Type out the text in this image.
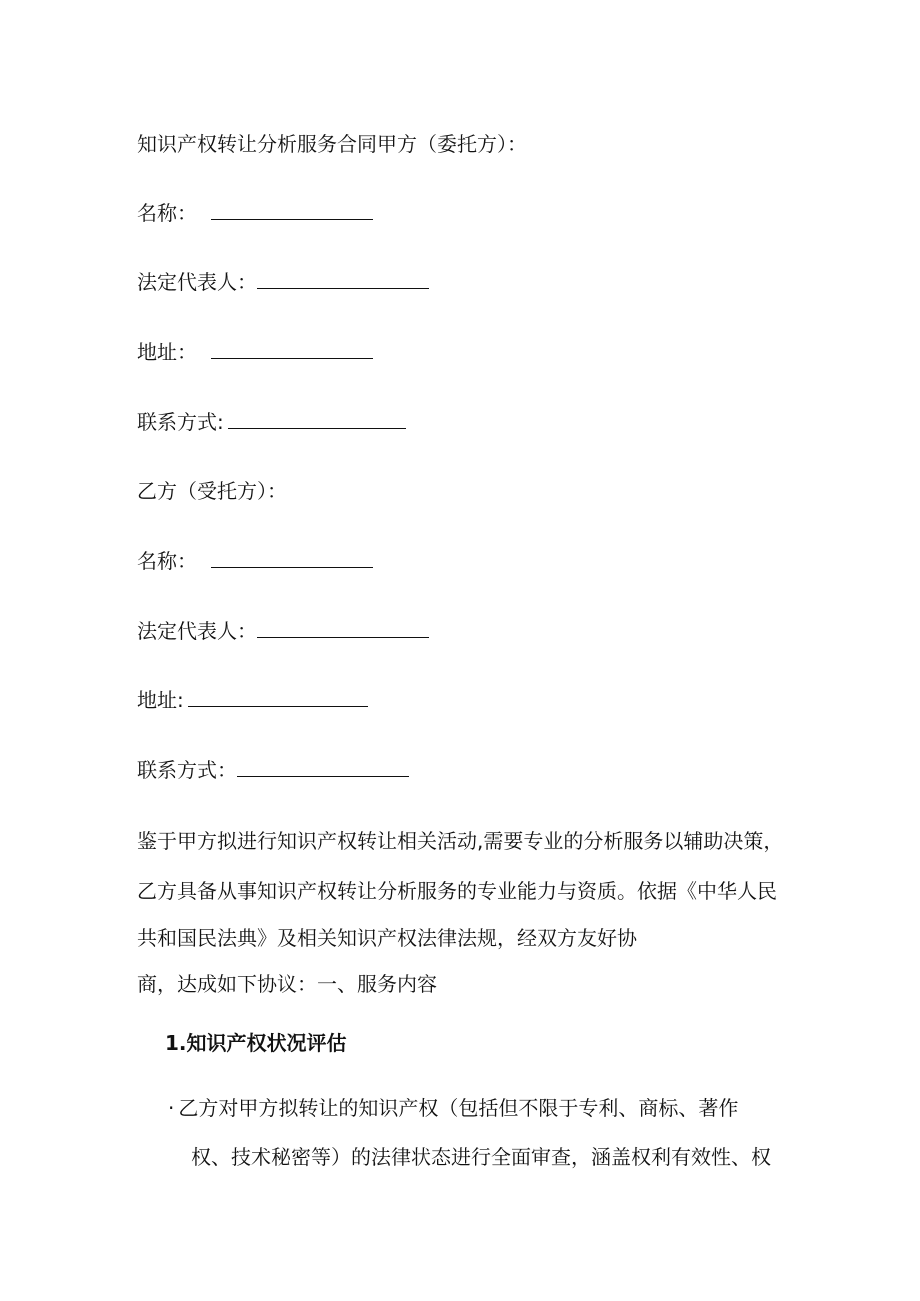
知识产权转让分析服务合同甲方（委托方）：
名称：
法定代表人：
地址：
联系方式:
乙方（受托方）：
名称：
法定代表人：
地址:
联系方式：
鉴于甲方拟进行知识产权转让相关活动,需要专业的分析服务以辅助决策，
乙方具备从事知识产权转让分析服务的专业能力与资质。依据《中华人民
共和国民法典》及相关知识产权法律法规，经双方友好协
商，达成如下协议：一、服务内容
1.知识产权状况评估
· 乙方对甲方拟转让的知识产权（包括但不限于专利、商标、著作
权、技术秘密等）的法律状态进行全面审查，涵盖权利有效性、权
